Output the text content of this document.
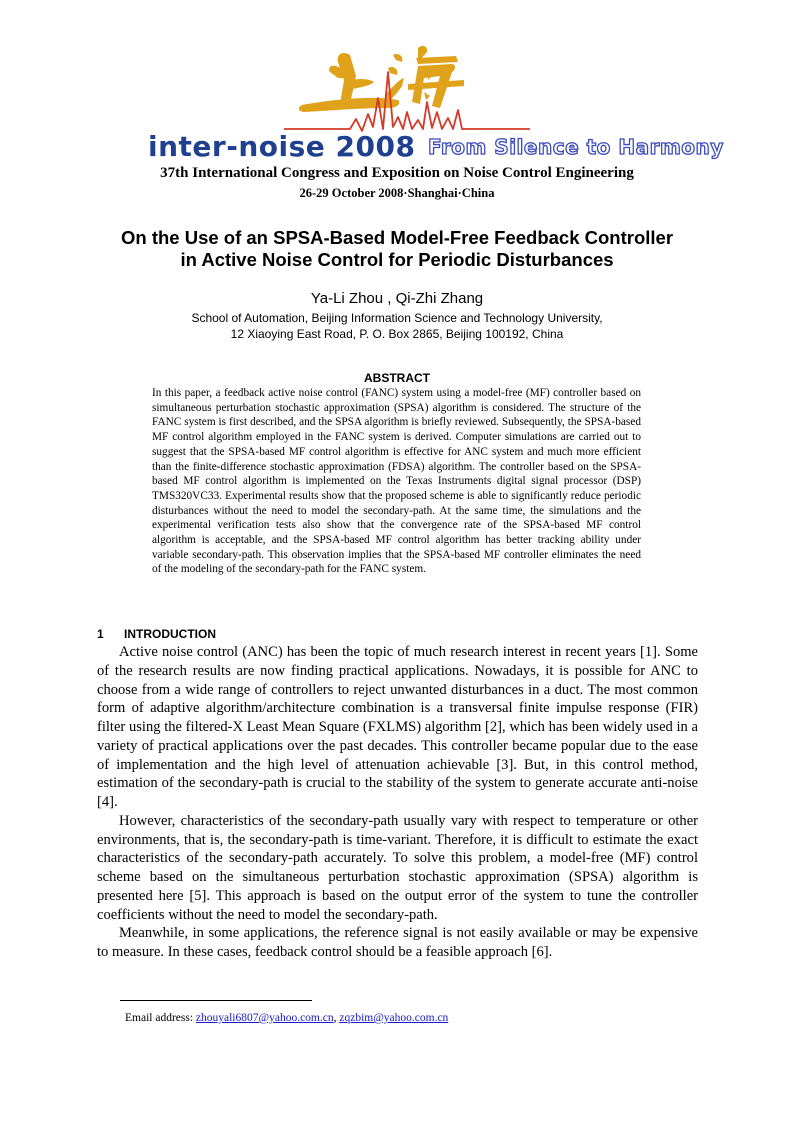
inter-noise 2008 From Silence to Harmony
37th International Congress and Exposition on Noise Control Engineering
26-29 October 2008·Shanghai·China
On the Use of an SPSA-Based Model-Free Feedback Controller
in Active Noise Control for Periodic Disturbances
Ya-Li Zhou , Qi-Zhi Zhang
School of Automation, Beijing Information Science and Technology University,
12 Xiaoying East Road, P. O. Box 2865, Beijing 100192, China
ABSTRACT

In this paper, a feedback active noise control (FANC) system using a model-free (MF) controller based on simultaneous perturbation stochastic approximation (SPSA) algorithm is considered. The structure of the FANC system is first described, and the SPSA algorithm is briefly reviewed. Subsequently, the SPSA-based MF control algorithm employed in the FANC system is derived. Computer simulations are carried out to suggest that the SPSA-based MF control algorithm is effective for ANC system and much more efficient than the finite-difference stochastic approximation (FDSA) algorithm. The controller based on the SPSA-based MF control algorithm is implemented on the Texas Instruments digital signal processor (DSP) TMS320VC33. Experimental results show that the proposed scheme is able to significantly reduce periodic disturbances without the need to model the secondary-path. At the same time, the simulations and the experimental verification tests also show that the convergence rate of the SPSA-based MF control algorithm is acceptable, and the SPSA-based MF control algorithm has better tracking ability under variable secondary-path. This observation implies that the SPSA-based MF controller eliminates the need of the modeling of the secondary-path for the FANC system.

1 INTRODUCTION

Active noise control (ANC) has been the topic of much research interest in recent years [1]. Some of the research results are now finding practical applications. Nowadays, it is possible for ANC to choose from a wide range of controllers to reject unwanted disturbances in a duct. The most common form of adaptive algorithm/architecture combination is a transversal finite impulse response (FIR) filter using the filtered-X Least Mean Square (FXLMS) algorithm [2], which has been widely used in a variety of practical applications over the past decades. This controller became popular due to the ease of implementation and the high level of attenuation achievable [3]. But, in this control method, estimation of the secondary-path is crucial to the stability of the system to generate accurate anti-noise [4].

However, characteristics of the secondary-path usually vary with respect to temperature or other environments, that is, the secondary-path is time-variant. Therefore, it is difficult to estimate the exact characteristics of the secondary-path accurately. To solve this problem, a model-free (MF) control scheme based on the simultaneous perturbation stochastic approximation (SPSA) algorithm is presented here [5]. This approach is based on the output error of the system to tune the controller coefficients without the need to model the secondary-path.

Meanwhile, in some applications, the reference signal is not easily available or may be expensive to measure. In these cases, feedback control should be a feasible approach [6].

Email address: zhouyali6807@yahoo.com.cn, zqzbim@yahoo.com.cn
